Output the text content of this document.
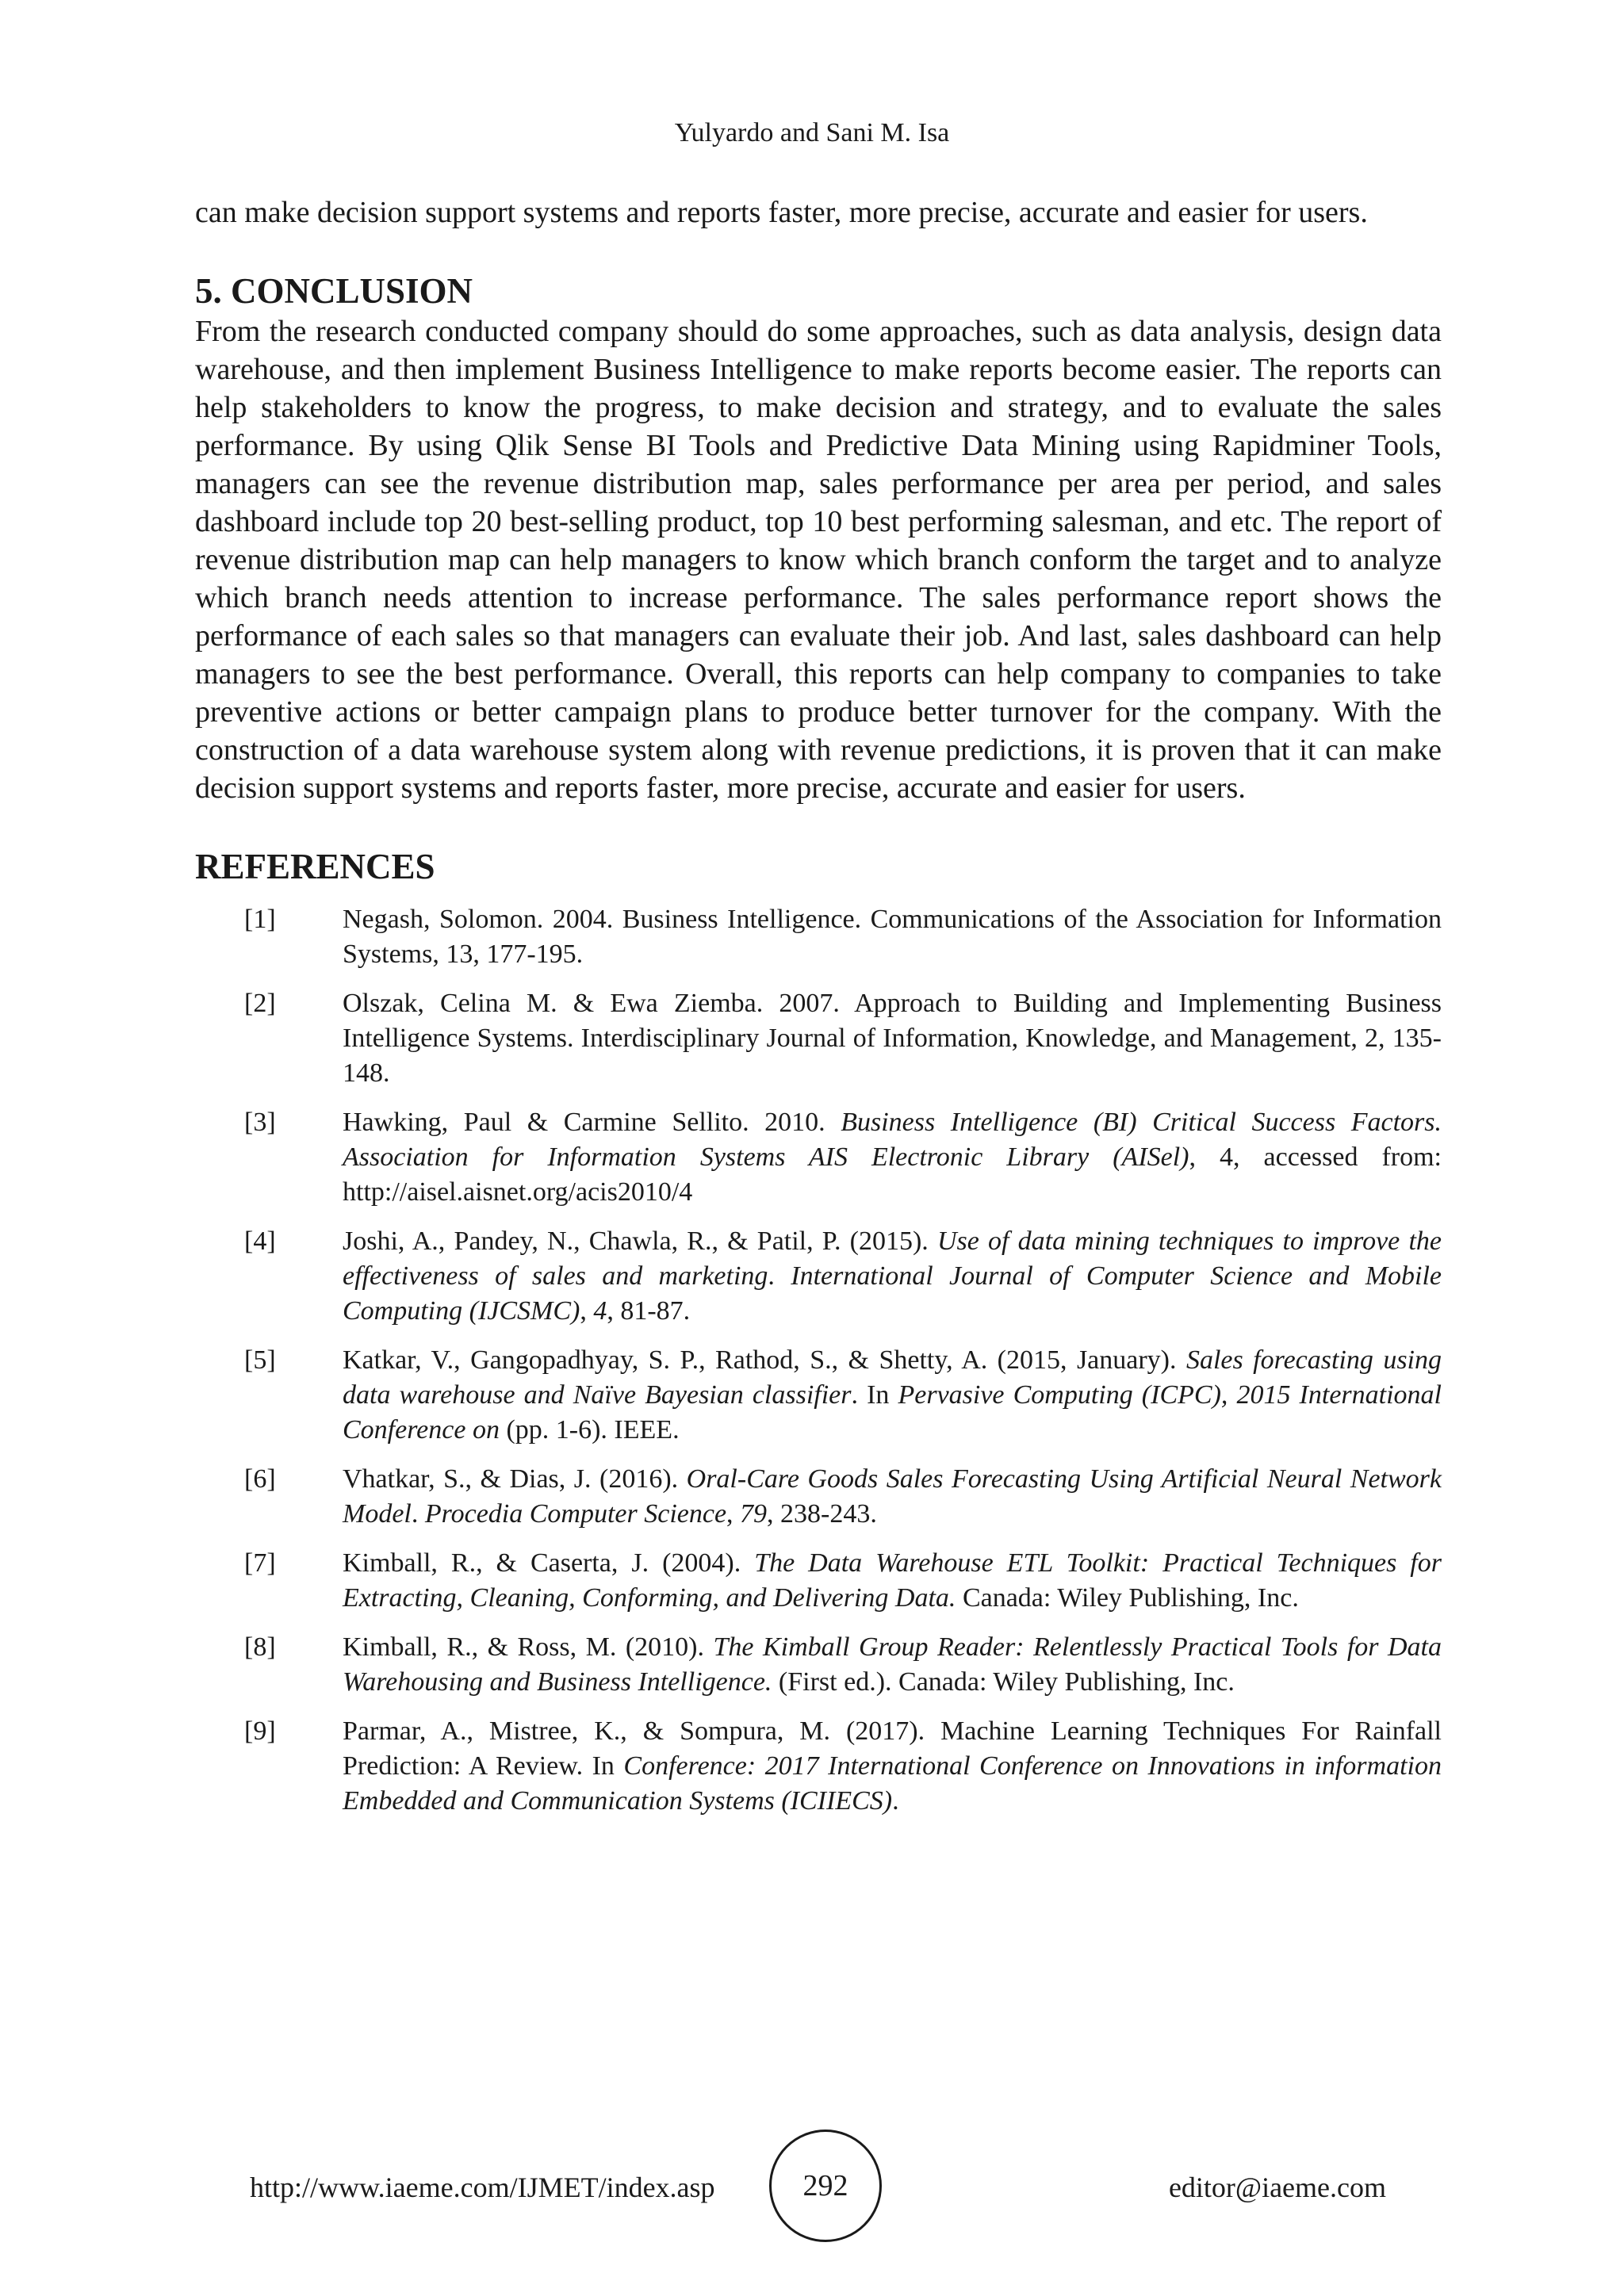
Yulyardo and Sani M. Isa

can make decision support systems and reports faster, more precise, accurate and easier for users.

5. CONCLUSION

From the research conducted company should do some approaches, such as data analysis, design data warehouse, and then implement Business Intelligence to make reports become easier. The reports can help stakeholders to know the progress, to make decision and strategy, and to evaluate the sales performance. By using Qlik Sense BI Tools and Predictive Data Mining using Rapidminer Tools, managers can see the revenue distribution map, sales performance per area per period, and sales dashboard include top 20 best-selling product, top 10 best performing salesman, and etc. The report of revenue distribution map can help managers to know which branch conform the target and to analyze which branch needs attention to increase performance. The sales performance report shows the performance of each sales so that managers can evaluate their job. And last, sales dashboard can help managers to see the best performance. Overall, this reports can help company to companies to take preventive actions or better campaign plans to produce better turnover for the company. With the construction of a data warehouse system along with revenue predictions, it is proven that it can make decision support systems and reports faster, more precise, accurate and easier for users.

REFERENCES
[1]	Negash, Solomon. 2004. Business Intelligence. Communications of the Association for Information Systems, 13, 177-195.
[2]	Olszak, Celina M. & Ewa Ziemba. 2007. Approach to Building and Implementing Business Intelligence Systems. Interdisciplinary Journal of Information, Knowledge, and Management, 2, 135-148.
[3]	Hawking, Paul & Carmine Sellito. 2010. Business Intelligence (BI) Critical Success Factors. Association for Information Systems AIS Electronic Library (AISel), 4, accessed from: http://aisel.aisnet.org/acis2010/4
[4]	Joshi, A., Pandey, N., Chawla, R., & Patil, P. (2015). Use of data mining techniques to improve the effectiveness of sales and marketing. International Journal of Computer Science and Mobile Computing (IJCSMC), 4, 81-87.
[5]	Katkar, V., Gangopadhyay, S. P., Rathod, S., & Shetty, A. (2015, January). Sales forecasting using data warehouse and Naïve Bayesian classifier. In Pervasive Computing (ICPC), 2015 International Conference on (pp. 1-6). IEEE.
[6]	Vhatkar, S., & Dias, J. (2016). Oral-Care Goods Sales Forecasting Using Artificial Neural Network Model. Procedia Computer Science, 79, 238-243.
[7]	Kimball, R., & Caserta, J. (2004). The Data Warehouse ETL Toolkit: Practical Techniques for Extracting, Cleaning, Conforming, and Delivering Data. Canada: Wiley Publishing, Inc.
[8]	Kimball, R., & Ross, M. (2010). The Kimball Group Reader: Relentlessly Practical Tools for Data Warehousing and Business Intelligence. (First ed.). Canada: Wiley Publishing, Inc.
[9]	Parmar, A., Mistree, K., & Sompura, M. (2017). Machine Learning Techniques For Rainfall Prediction: A Review. In Conference: 2017 International Conference on Innovations in information Embedded and Communication Systems (ICIIECS).
http://www.iaeme.com/IJMET/index.asp	292	editor@iaeme.com
